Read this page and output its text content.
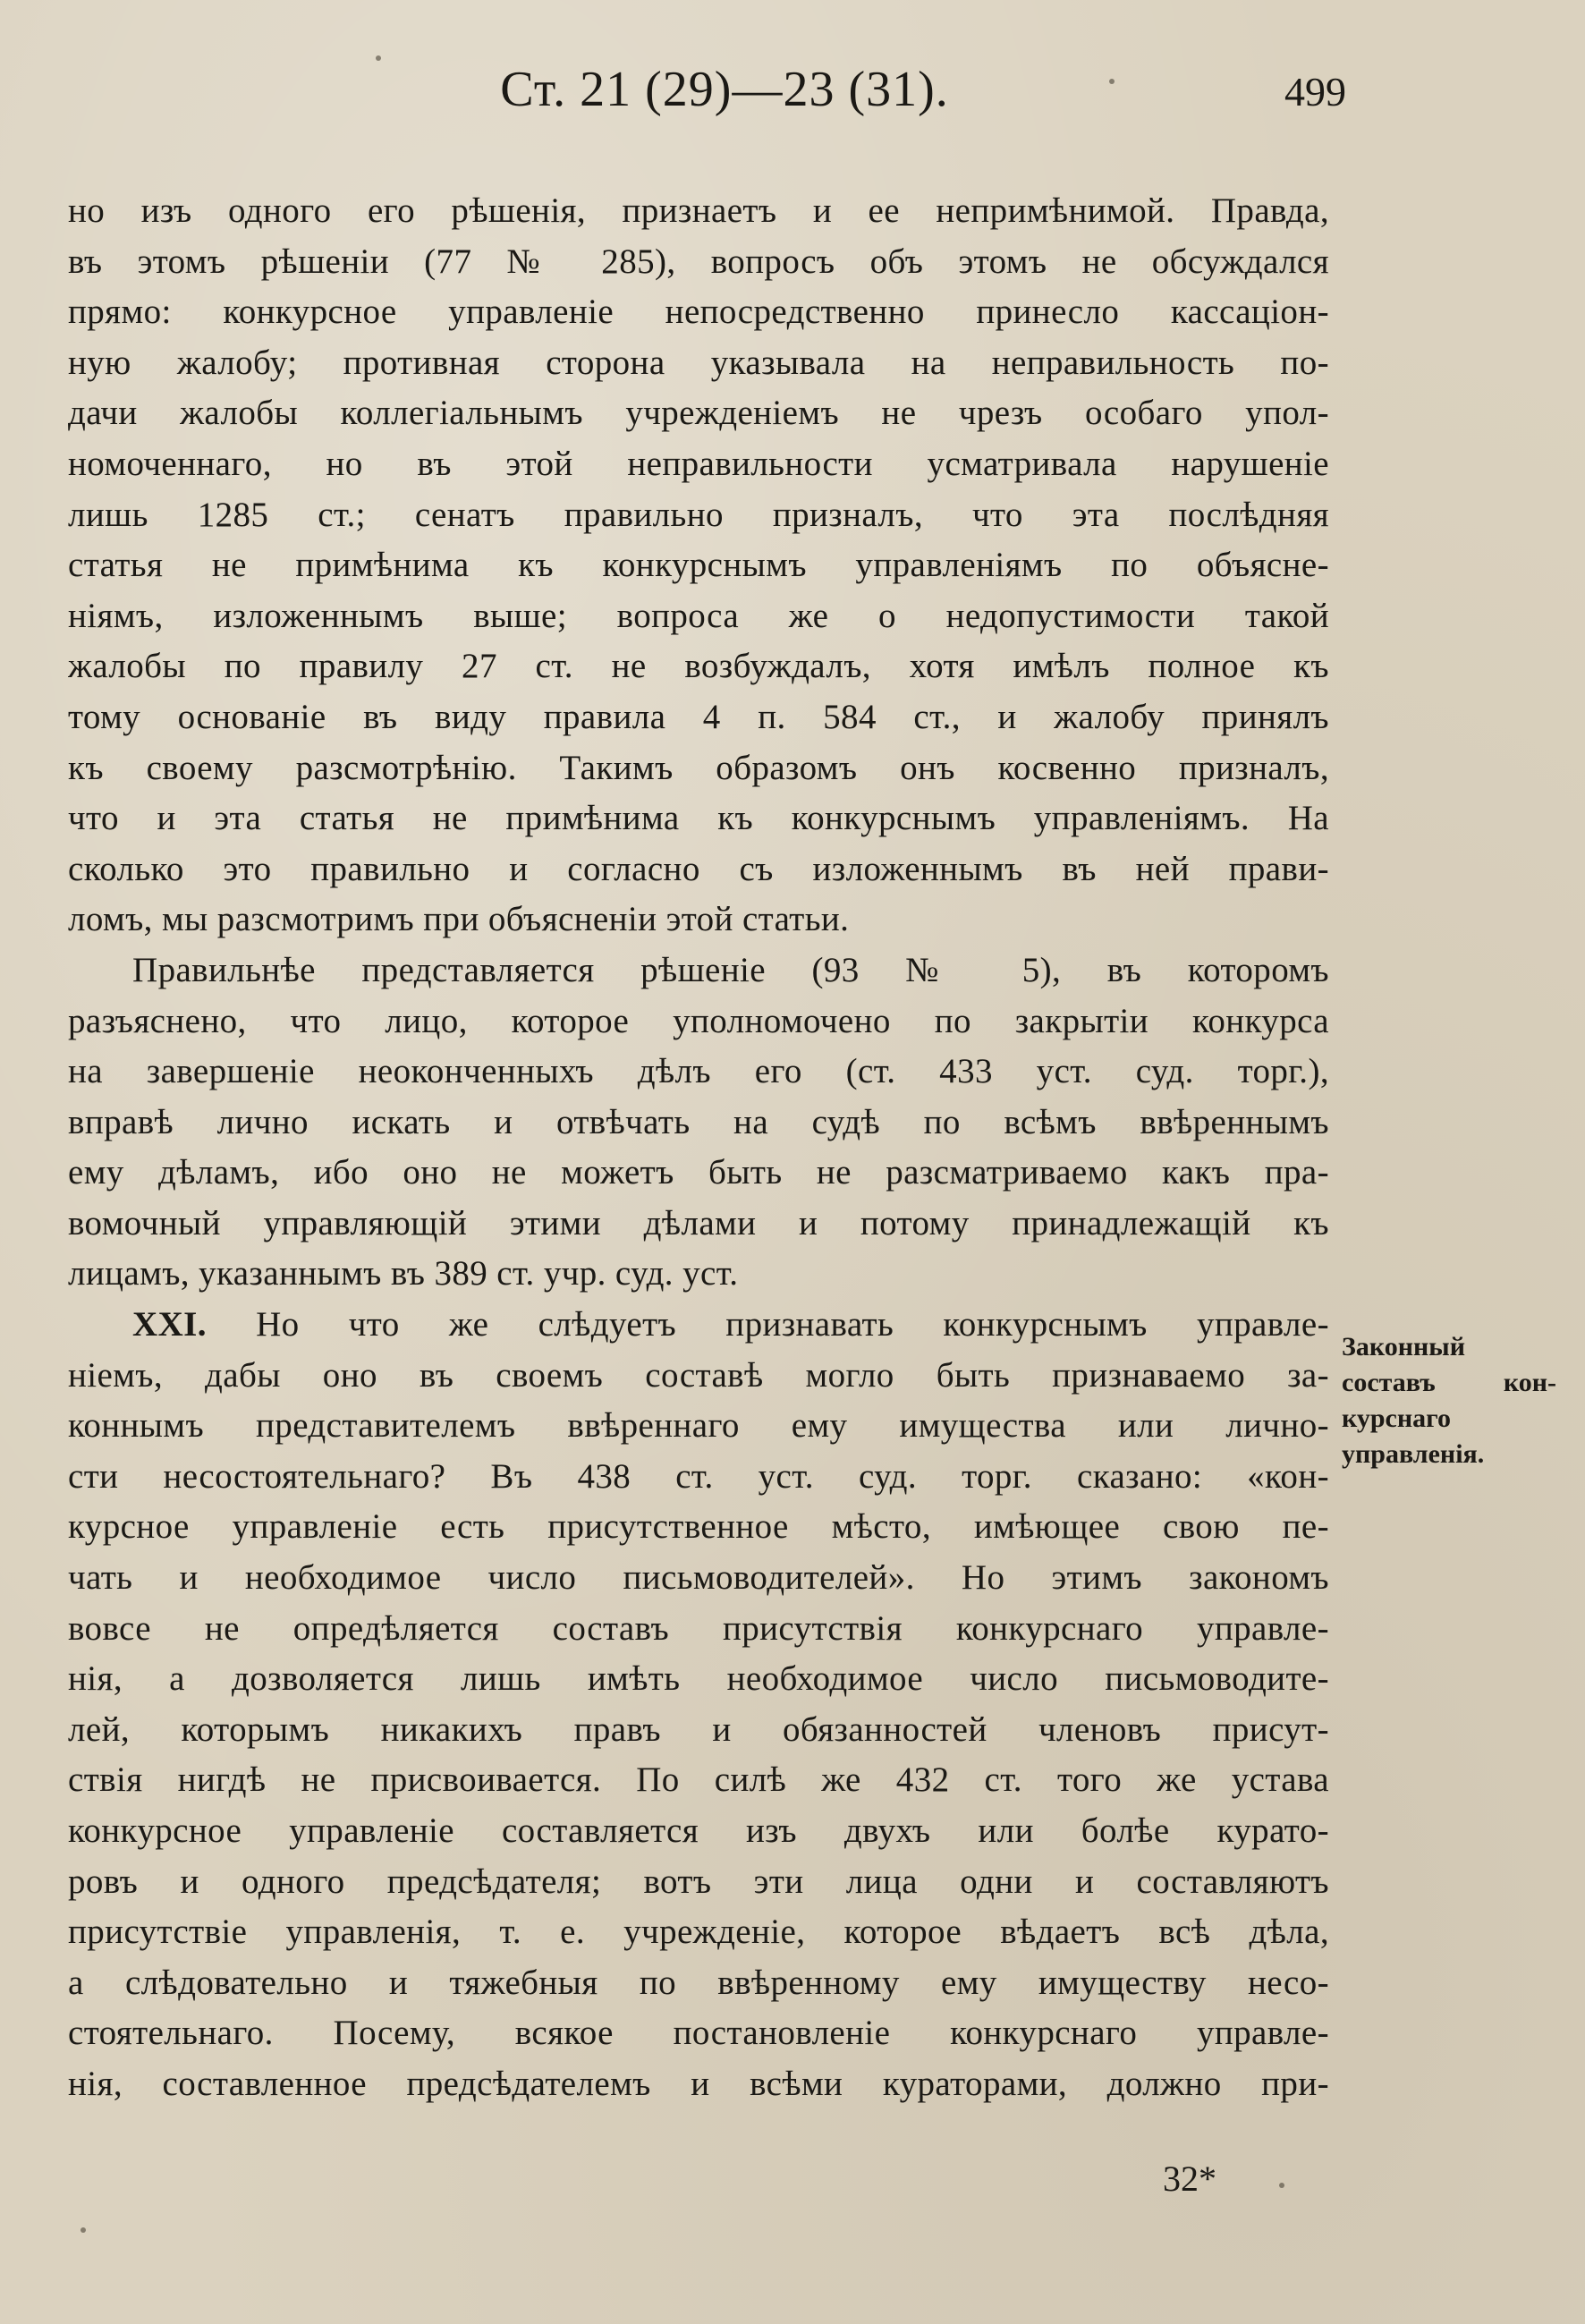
Ст. 21 (29)—23 (31).	499
но изъ одного его рѣшенія, признаетъ и ее непримѣнимой. Правда,
въ этомъ рѣшеніи (77 № 285), вопросъ объ этомъ не обсуждался
прямо: конкурсное управленіе непосредственно принесло кассаціон-
ную жалобу; противная сторона указывала на неправильность по-
дачи жалобы коллегіальнымъ учрежденіемъ не чрезъ особаго упол-
номоченнаго, но въ этой неправильности усматривала нарушеніе
лишь 1285 ст.; сенатъ правильно призналъ, что эта послѣдняя
статья не примѣнима къ конкурснымъ управленіямъ по объясне-
ніямъ, изложеннымъ выше; вопроса же о недопустимости такой
жалобы по правилу 27 ст. не возбуждалъ, хотя имѣлъ полное къ
тому основаніе въ виду правила 4 п. 584 ст., и жалобу принялъ
къ своему разсмотрѣнію. Такимъ образомъ онъ косвенно призналъ,
что и эта статья не примѣнима къ конкурснымъ управленіямъ. На
сколько это правильно и согласно съ изложеннымъ въ ней прави-
ломъ, мы разсмотримъ при объясненіи этой статьи.
Правильнѣе представляется рѣшеніе (93 № 5), въ которомъ
разъяснено, что лицо, которое уполномочено по закрытіи конкурса
на завершеніе неоконченныхъ дѣлъ его (ст. 433 уст. суд. торг.),
вправѣ лично искать и отвѣчать на судѣ по всѣмъ ввѣреннымъ
ему дѣламъ, ибо оно не можетъ быть не разсматриваемо какъ пра-
вомочный управляющій этими дѣлами и потому принадлежащій къ
лицамъ, указаннымъ въ 389 ст. учр. суд. уст.
XXI. Но что же слѣдуетъ признавать конкурснымъ управле-
ніемъ, дабы оно въ своемъ составѣ могло быть признаваемо за-
коннымъ представителемъ ввѣреннаго ему имущества или лично-
сти несостоятельнаго? Въ 438 ст. уст. суд. торг. сказано: «кон-
курсное управленіе есть присутственное мѣсто, имѣющее свою пе-
чать и необходимое число письмоводителей». Но этимъ закономъ
вовсе не опредѣляется составъ присутствія конкурснаго управле-
нія, а дозволяется лишь имѣть необходимое число письмоводите-
лей, которымъ никакихъ правъ и обязанностей членовъ присут-
ствія нигдѣ не присвоивается. По силѣ же 432 ст. того же устава
конкурсное управленіе составляется изъ двухъ или болѣе курато-
ровъ и одного предсѣдателя; вотъ эти лица одни и составляютъ
присутствіе управленія, т. е. учрежденіе, которое вѣдаетъ всѣ дѣла,
а слѣдовательно и тяжебныя по ввѣренному ему имуществу несо-
стоятельнаго. Посему, всякое постановленіе конкурснаго управле-
нія, составленное предсѣдателемъ и всѣми кураторами, должно при-
Законный
составъ кон-
курснаго
управленія.
32*
